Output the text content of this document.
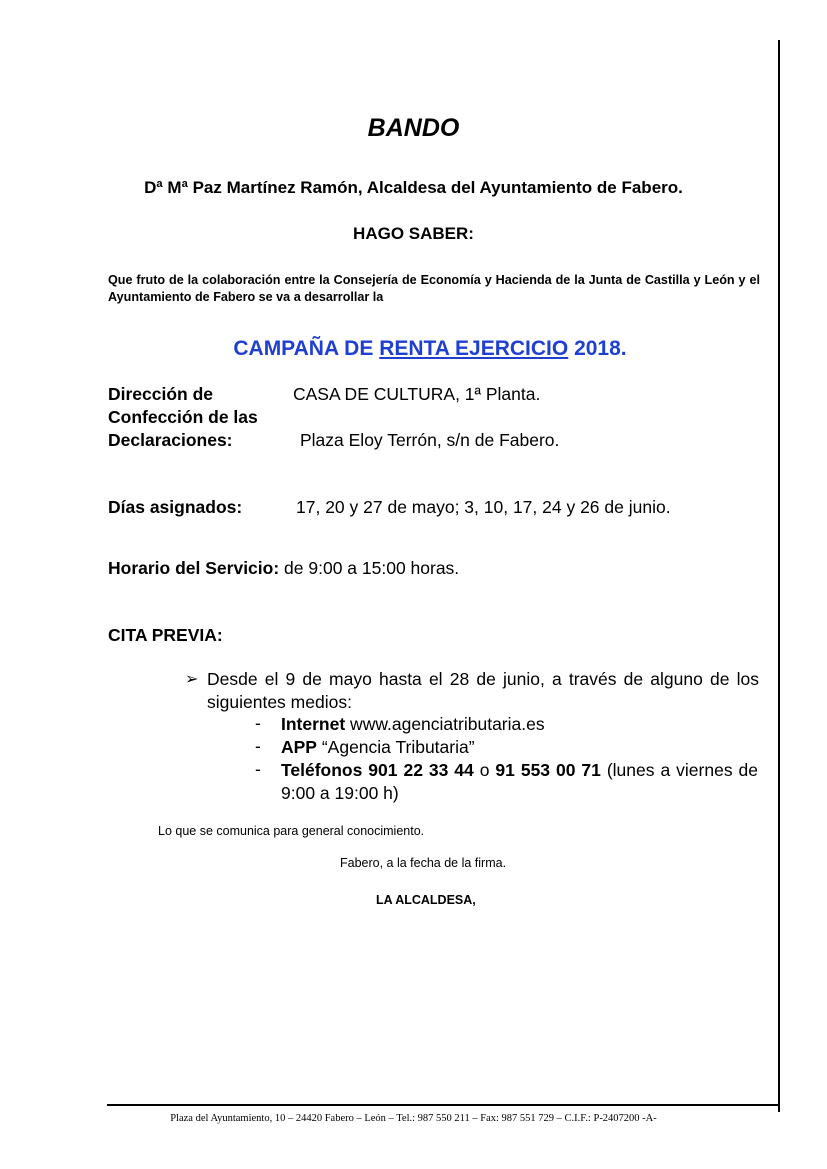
BANDO
Dª Mª Paz Martínez Ramón, Alcaldesa del Ayuntamiento de Fabero.
HAGO SABER:
Que fruto de la colaboración entre la Consejería de Economía y Hacienda de la Junta de Castilla y León y el Ayuntamiento de Fabero se va a desarrollar la
CAMPAÑA DE RENTA EJERCICIO 2018.
Dirección de
Confección de las
Declaraciones:
CASA DE CULTURA, 1ª Planta.
Plaza Eloy Terrón, s/n de Fabero.
Días asignados:	17, 20 y 27 de mayo; 3, 10, 17, 24 y 26 de junio.
Horario del Servicio: de 9:00 a 15:00 horas.
CITA PREVIA:
➢ Desde el 9 de mayo hasta el 28 de junio, a través de alguno de los siguientes medios:
- Internet www.agenciatributaria.es
- APP “Agencia Tributaria”
- Teléfonos 901 22 33 44 o 91 553 00 71 (lunes a viernes de 9:00 a 19:00 h)
Lo que se comunica para general conocimiento.
Fabero, a la fecha de la firma.
LA ALCALDESA,
Plaza del Ayuntamiento, 10 – 24420 Fabero – León – Tel.: 987 550 211 – Fax: 987 551 729 – C.I.F.: P-2407200 -A-
